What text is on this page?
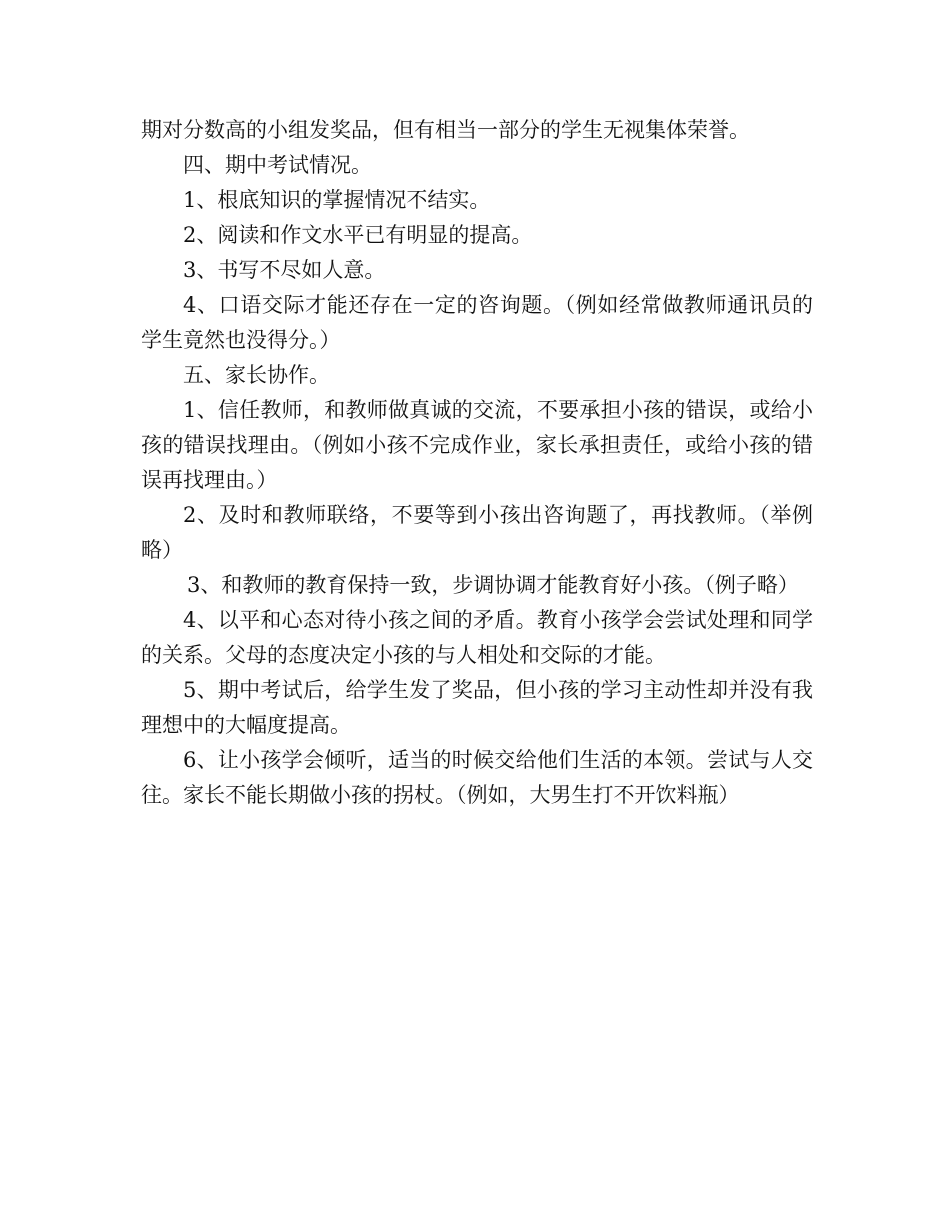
期对分数高的小组发奖品，但有相当一部分的学生无视集体荣誉。

四、期中考试情况。

1、根底知识的掌握情况不结实。

2、阅读和作文水平已有明显的提高。

3、书写不尽如人意。

4、口语交际才能还存在一定的咨询题。（例如经常做教师通讯员的学生竟然也没得分。）

五、家长协作。

1、信任教师，和教师做真诚的交流，不要承担小孩的错误，或给小孩的错误找理由。（例如小孩不完成作业，家长承担责任，或给小孩的错误再找理由。）

2、及时和教师联络，不要等到小孩出咨询题了，再找教师。（举例略）

3、和教师的教育保持一致，步调协调才能教育好小孩。（例子略）

4、以平和心态对待小孩之间的矛盾。教育小孩学会尝试处理和同学的关系。父母的态度决定小孩的与人相处和交际的才能。

5、期中考试后，给学生发了奖品，但小孩的学习主动性却并没有我理想中的大幅度提高。

6、让小孩学会倾听，适当的时候交给他们生活的本领。尝试与人交往。家长不能长期做小孩的拐杖。（例如，大男生打不开饮料瓶）
